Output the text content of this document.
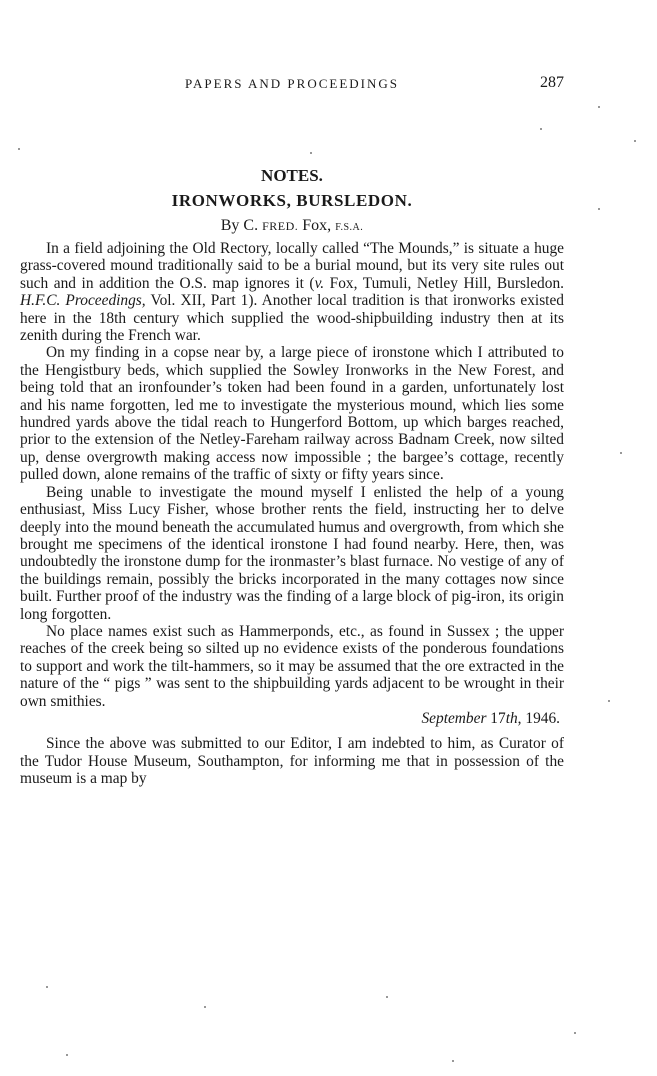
PAPERS AND PROCEEDINGS	287
NOTES.
IRONWORKS, BURSLEDON.

By C. FRED. Fox, F.S.A.

In a field adjoining the Old Rectory, locally called “The Mounds,” is situate a huge grass-covered mound traditionally said to be a burial mound, but its very site rules out such and in addition the O.S. map ignores it (v. Fox, Tumuli, Netley Hill, Bursledon. H.F.C. Proceedings, Vol. XII, Part 1). Another local tradition is that ironworks existed here in the 18th century which supplied the wood-shipbuilding industry then at its zenith during the French war.

On my finding in a copse near by, a large piece of ironstone which I attributed to the Hengistbury beds, which supplied the Sowley Ironworks in the New Forest, and being told that an ironfounder’s token had been found in a garden, unfortunately lost and his name forgotten, led me to investigate the mysterious mound, which lies some hundred yards above the tidal reach to Hungerford Bottom, up which barges reached, prior to the extension of the Netley-Fareham railway across Badnam Creek, now silted up, dense overgrowth making access now impossible ; the bargee’s cottage, recently pulled down, alone remains of the traffic of sixty or fifty years since.

Being unable to investigate the mound myself I enlisted the help of a young enthusiast, Miss Lucy Fisher, whose brother rents the field, instructing her to delve deeply into the mound beneath the accumulated humus and overgrowth, from which she brought me specimens of the identical ironstone I had found nearby. Here, then, was undoubtedly the ironstone dump for the ironmaster’s blast furnace. No vestige of any of the buildings remain, possibly the bricks incorporated in the many cottages now since built. Further proof of the industry was the finding of a large block of pig-iron, its origin long forgotten.

No place names exist such as Hammerponds, etc., as found in Sussex ; the upper reaches of the creek being so silted up no evidence exists of the ponderous foundations to support and work the tilt-hammers, so it may be assumed that the ore extracted in the nature of the “ pigs ” was sent to the shipbuilding yards adjacent to be wrought in their own smithies.

September 17th, 1946.

Since the above was submitted to our Editor, I am indebted to him, as Curator of the Tudor House Museum, Southampton, for informing me that in possession of the museum is a map by
